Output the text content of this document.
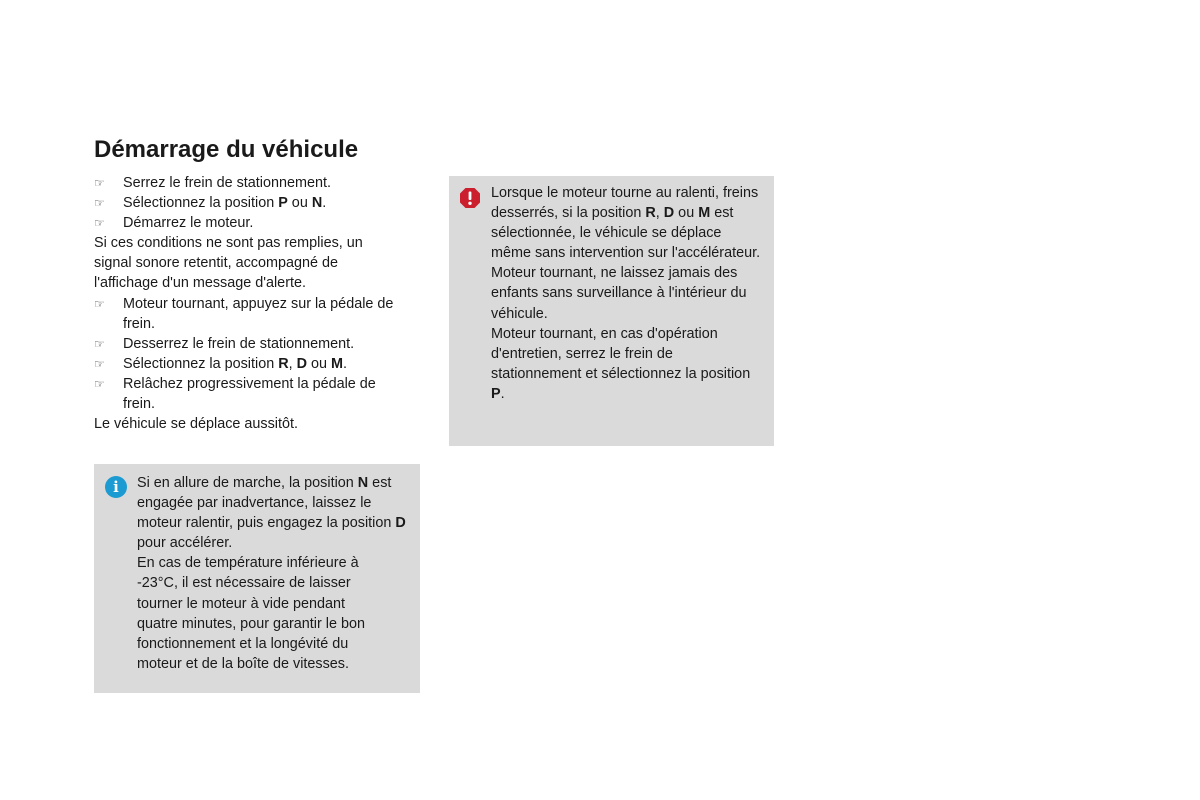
Démarrage du véhicule

☞	Serrez le frein de stationnement.

☞	Sélectionnez la position P ou N.

☞	Démarrez le moteur.

Si ces conditions ne sont pas remplies, un signal sonore retentit, accompagné de l'affichage d'un message d'alerte.

☞	Moteur tournant, appuyez sur la pédale de frein.

☞	Desserrez le frein de stationnement.

☞	Sélectionnez la position R, D ou M.

☞	Relâchez progressivement la pédale de frein.

Le véhicule se déplace aussitôt.

Si en allure de marche, la position N est engagée par inadvertance, laissez le moteur ralentir, puis engagez la position D pour accélérer.

En cas de température inférieure à -23°C, il est nécessaire de laisser tourner le moteur à vide pendant quatre minutes, pour garantir le bon fonctionnement et la longévité du moteur et de la boîte de vitesses.

i

Lorsque le moteur tourne au ralenti, freins desserrés, si la position R, D ou M est sélectionnée, le véhicule se déplace même sans intervention sur l'accélérateur.

Moteur tournant, ne laissez jamais des enfants sans surveillance à l'intérieur du véhicule.

Moteur tournant, en cas d'opération d'entretien, serrez le frein de stationnement et sélectionnez la position P.
